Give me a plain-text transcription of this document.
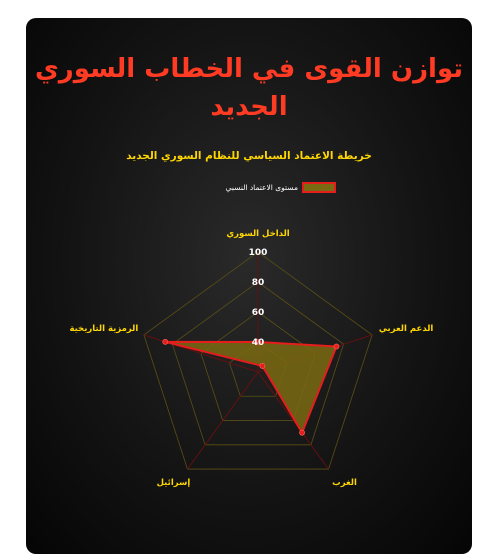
توازن القوى في الخطاب السوري الجديد
خريطة الاعتماد السياسي للنظام السوري الجديد
مستوى الاعتماد النسبي
40
60
80
100
الداخل السوري
الدعم العربي
الغرب
إسرائيل
الرمزية التاريخية
